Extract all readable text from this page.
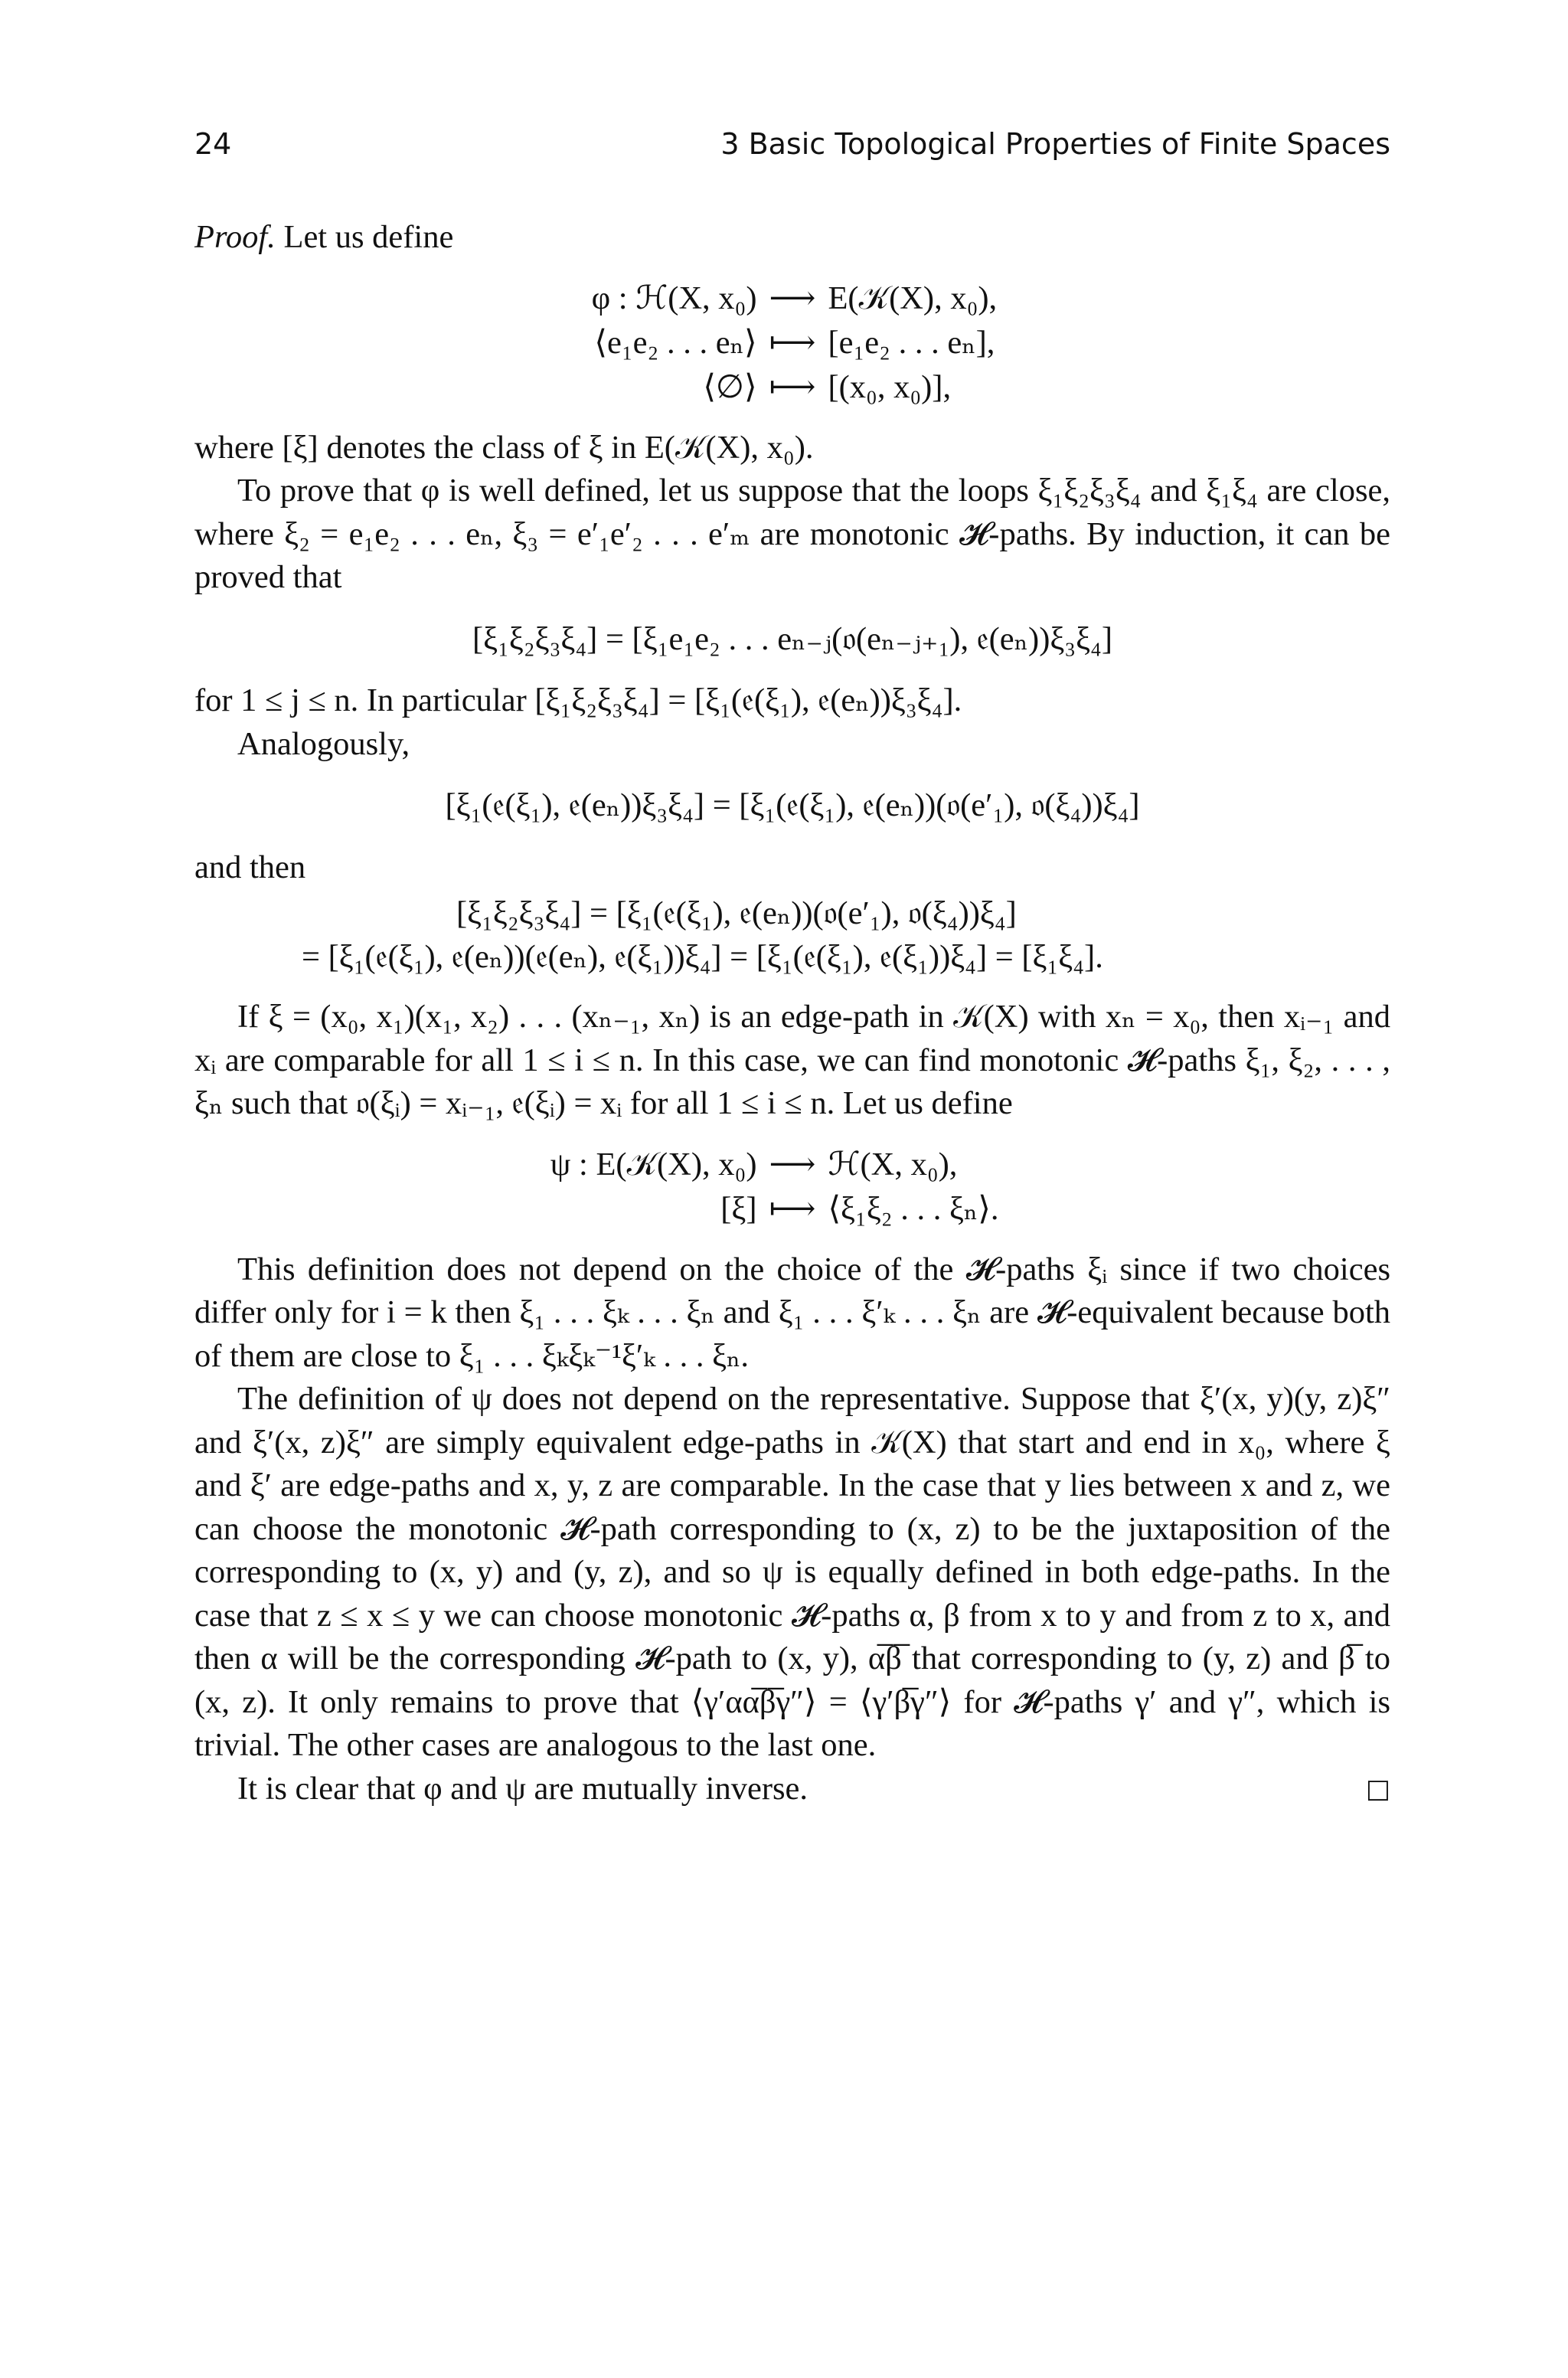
24	3 Basic Topological Properties of Finite Spaces

Proof. Let us define

φ : ℋ(X, x₀) ⟶ E(𝒦(X), x₀),
⟨e₁e₂ . . . eₙ⟩ ⟼ [e₁e₂ . . . eₙ],
⟨∅⟩ ⟼ [(x₀, x₀)],

where [ξ] denotes the class of ξ in E(𝒦(X), x₀).

To prove that φ is well defined, let us suppose that the loops ξ₁ξ₂ξ₃ξ₄ and ξ₁ξ₄ are close, where ξ₂ = e₁e₂ . . . eₙ, ξ₃ = e′₁e′₂ . . . e′ₘ are monotonic 𝓗-paths. By induction, it can be proved that

[ξ₁ξ₂ξ₃ξ₄] = [ξ₁e₁e₂ . . . eₙ₋ⱼ(𝔬(eₙ₋ⱼ₊₁), 𝔢(eₙ))ξ₃ξ₄]

for 1 ≤ j ≤ n. In particular [ξ₁ξ₂ξ₃ξ₄] = [ξ₁(𝔢(ξ₁), 𝔢(eₙ))ξ₃ξ₄].

Analogously,

[ξ₁(𝔢(ξ₁), 𝔢(eₙ))ξ₃ξ₄] = [ξ₁(𝔢(ξ₁), 𝔢(eₙ))(𝔬(e′₁), 𝔬(ξ₄))ξ₄]

and then

[ξ₁ξ₂ξ₃ξ₄] = [ξ₁(𝔢(ξ₁), 𝔢(eₙ))(𝔬(e′₁), 𝔬(ξ₄))ξ₄]
= [ξ₁(𝔢(ξ₁), 𝔢(eₙ))(𝔢(eₙ), 𝔢(ξ₁))ξ₄] = [ξ₁(𝔢(ξ₁), 𝔢(ξ₁))ξ₄] = [ξ₁ξ₄].

If ξ = (x₀, x₁)(x₁, x₂) . . . (xₙ₋₁, xₙ) is an edge-path in 𝒦(X) with xₙ = x₀, then xᵢ₋₁ and xᵢ are comparable for all 1 ≤ i ≤ n. In this case, we can find monotonic 𝓗-paths ξ₁, ξ₂, . . . , ξₙ such that 𝔬(ξᵢ) = xᵢ₋₁, 𝔢(ξᵢ) = xᵢ for all 1 ≤ i ≤ n. Let us define

ψ : E(𝒦(X), x₀) ⟶ ℋ(X, x₀),
[ξ] ⟼ ⟨ξ₁ξ₂ . . . ξₙ⟩.

This definition does not depend on the choice of the 𝓗-paths ξᵢ since if two choices differ only for i = k then ξ₁ . . . ξₖ . . . ξₙ and ξ₁ . . . ξ′ₖ . . . ξₙ are 𝓗-equivalent because both of them are close to ξ₁ . . . ξₖξₖ⁻¹ξ′ₖ . . . ξₙ.

The definition of ψ does not depend on the representative. Suppose that ξ′(x, y)(y, z)ξ″ and ξ′(x, z)ξ″ are simply equivalent edge-paths in 𝒦(X) that start and end in x₀, where ξ and ξ′ are edge-paths and x, y, z are comparable. In the case that y lies between x and z, we can choose the monotonic 𝓗-path corresponding to (x, z) to be the juxtaposition of the corresponding to (x, y) and (y, z), and so ψ is equally defined in both edge-paths. In the case that z ≤ x ≤ y we can choose monotonic 𝓗-paths α, β from x to y and from z to x, and then α will be the corresponding 𝓗-path to (x, y), α̅β̅ that corresponding to (y, z) and β̅ to (x, z). It only remains to prove that ⟨γ′αα̅β̅γ″⟩ = ⟨γ′β̅γ″⟩ for 𝓗-paths γ′ and γ″, which is trivial. The other cases are analogous to the last one.

It is clear that φ and ψ are mutually inverse.	□
